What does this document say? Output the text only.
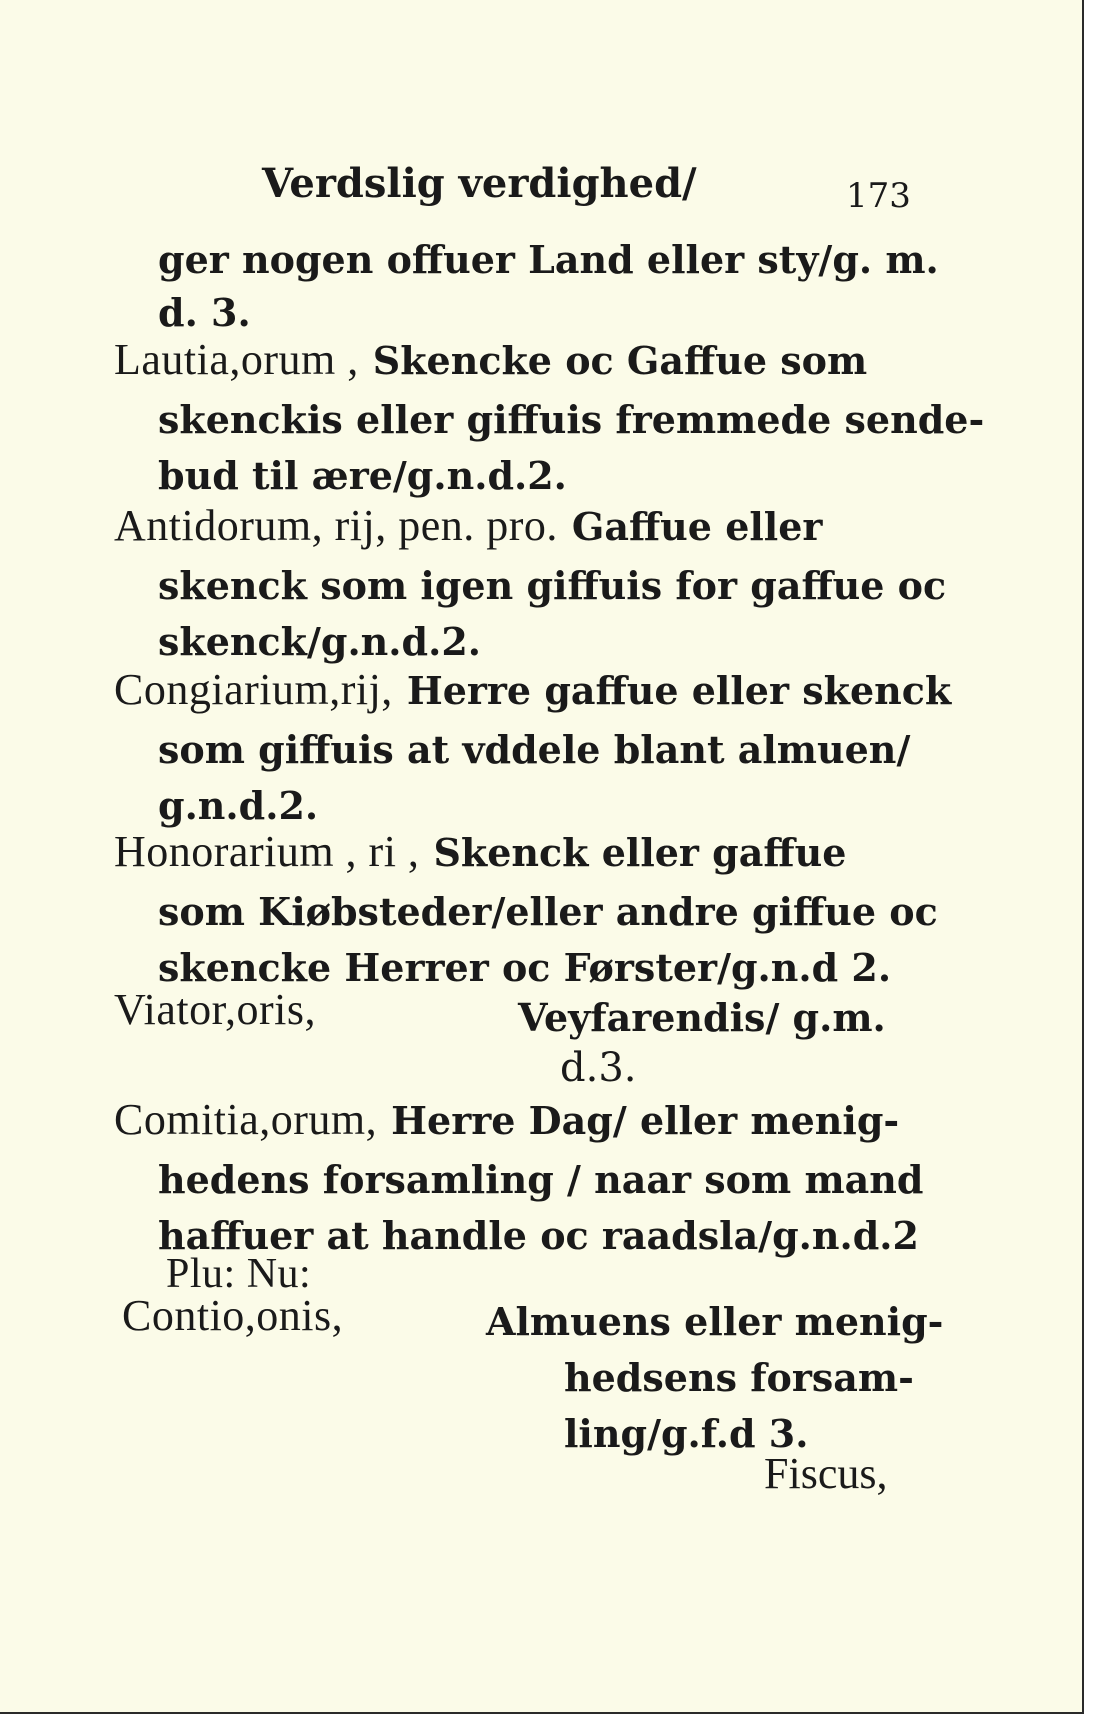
Verdslig verdighed/	173
ger nogen offuer Land eller sty/g. m.
d. 3.
Lautia,orum , Skencke oc Gaffue som
skenckis eller giffuis fremmede sende-
bud til ære/g.n.d.2.
Antidorum, rij, pen. pro. Gaffue eller
skenck som igen giffuis for gaffue oc
skenck/g.n.d.2.
Congiarium,rij, Herre gaffue eller skenck
som giffuis at vddele blant almuen/
g.n.d.2.
Honorarium , ri , Skenck eller gaffue
som Kiøbsteder/eller andre giffue oc
skencke Herrer oc Førster/g.n.d 2.
Viator,oris,	Veyfarendis/ g.m.
d.3.
Comitia,orum, Herre Dag/ eller menig-
hedens forsamling / naar som mand
haffuer at handle oc raadsla/g.n.d.2
Plu: Nu:
Contio,onis,	Almuens eller menig-
hedsens forsam-
ling/g.f.d 3.
Fiscus,
